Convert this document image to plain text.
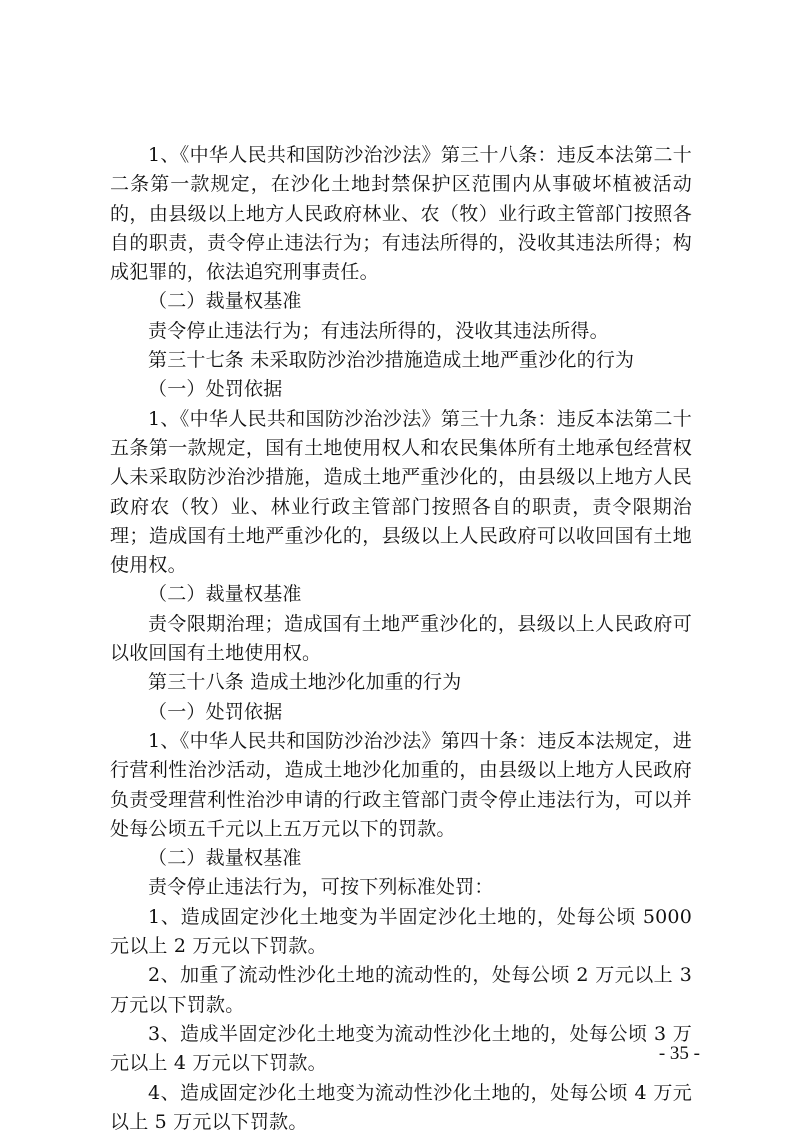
1、《中华人民共和国防沙治沙法》第三十八条：违反本法第二十二条第一款规定，在沙化土地封禁保护区范围内从事破坏植被活动的，由县级以上地方人民政府林业、农（牧）业行政主管部门按照各自的职责，责令停止违法行为；有违法所得的，没收其违法所得；构成犯罪的，依法追究刑事责任。

（二）裁量权基准

责令停止违法行为；有违法所得的，没收其违法所得。

第三十七条 未采取防沙治沙措施造成土地严重沙化的行为

（一）处罚依据

1、《中华人民共和国防沙治沙法》第三十九条：违反本法第二十五条第一款规定，国有土地使用权人和农民集体所有土地承包经营权人未采取防沙治沙措施，造成土地严重沙化的，由县级以上地方人民政府农（牧）业、林业行政主管部门按照各自的职责，责令限期治理；造成国有土地严重沙化的，县级以上人民政府可以收回国有土地使用权。

（二）裁量权基准

责令限期治理；造成国有土地严重沙化的，县级以上人民政府可以收回国有土地使用权。

第三十八条 造成土地沙化加重的行为

（一）处罚依据

1、《中华人民共和国防沙治沙法》第四十条：违反本法规定，进行营利性治沙活动，造成土地沙化加重的，由县级以上地方人民政府负责受理营利性治沙申请的行政主管部门责令停止违法行为，可以并处每公顷五千元以上五万元以下的罚款。

（二）裁量权基准

责令停止违法行为，可按下列标准处罚：

1、造成固定沙化土地变为半固定沙化土地的，处每公顷 5000 元以上 2 万元以下罚款。

2、加重了流动性沙化土地的流动性的，处每公顷 2 万元以上 3 万元以下罚款。

3、造成半固定沙化土地变为流动性沙化土地的，处每公顷 3 万元以上 4 万元以下罚款。

4、造成固定沙化土地变为流动性沙化土地的，处每公顷 4 万元以上 5 万元以下罚款。

- 35 -
